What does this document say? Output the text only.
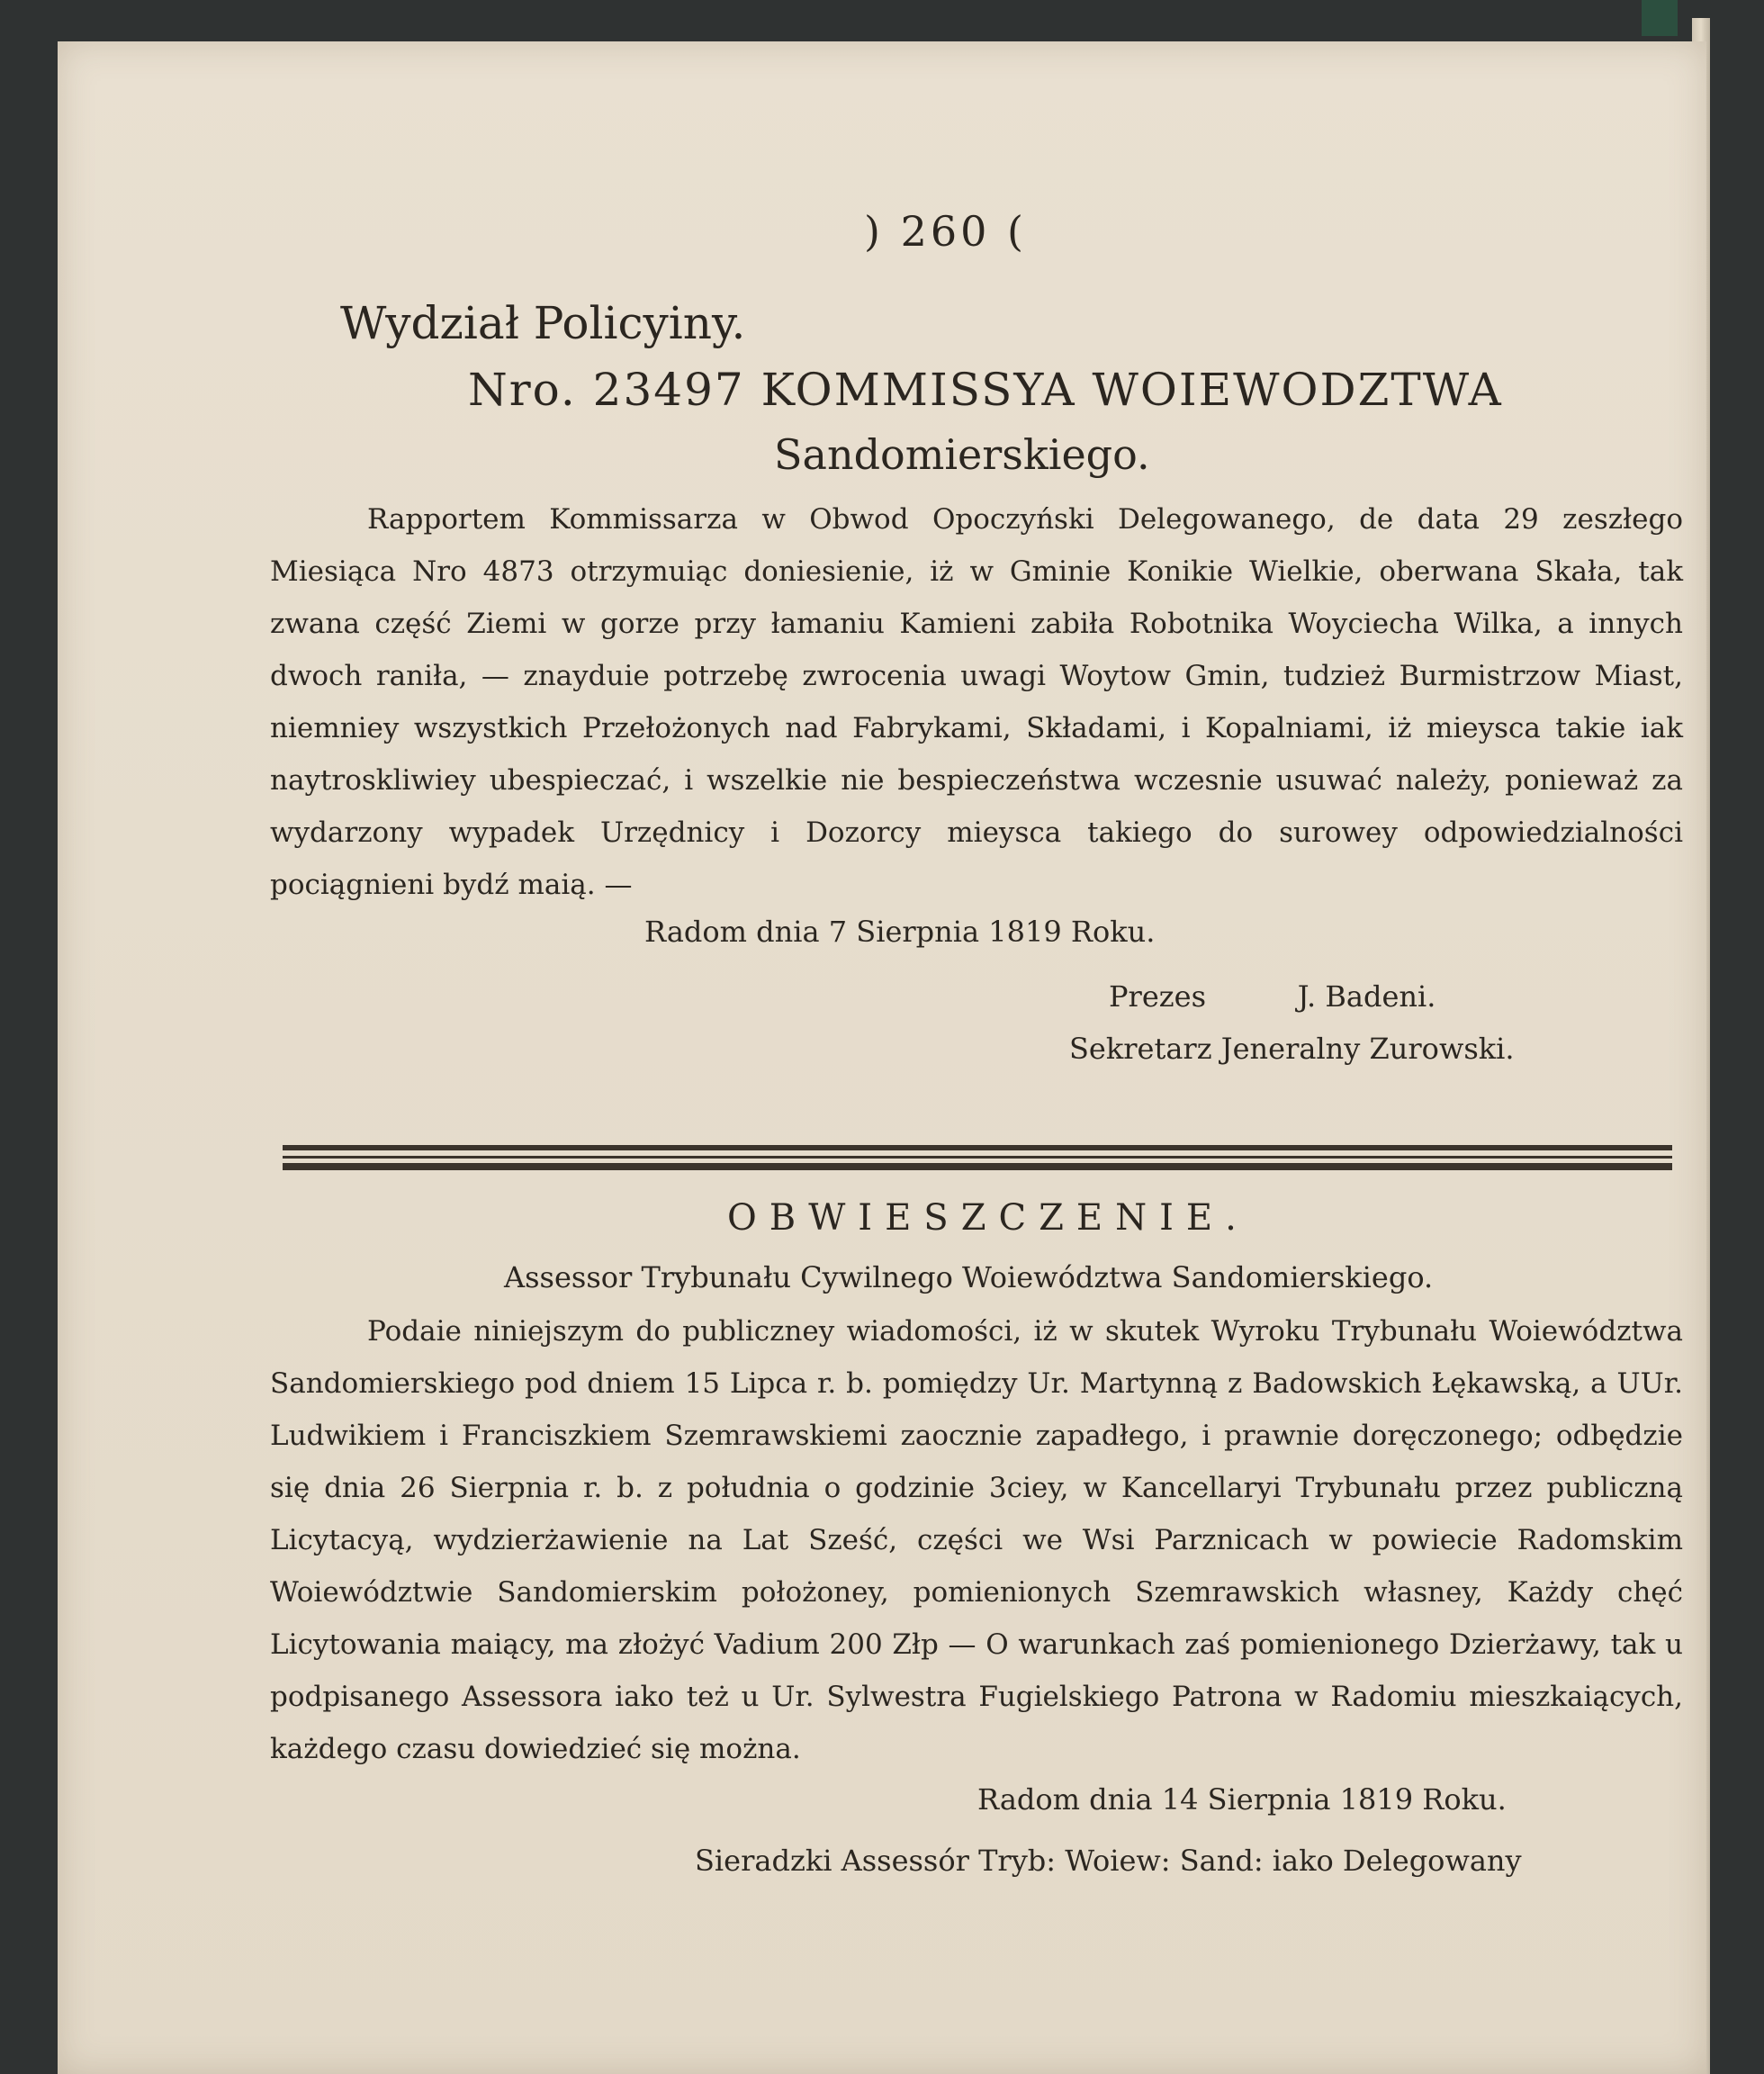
) 260 (
Wydział Policyiny.
Nro. 23497 KOMMISSYA WOIEWODZTWA
Sandomierskiego.
Rapportem Kommissarza w Obwod Opoczyński Delegowanego, de data 29 zeszłego Miesiąca Nro 4873 otrzymuiąc doniesienie, iż w Gminie Konikie Wielkie, oberwana Skała, tak zwana część Ziemi w gorze przy łamaniu Kamieni zabiła Robotnika Woyciecha Wilka, a innych dwoch raniła, — znayduie potrzebę zwrocenia uwagi Woytow Gmin, tudzież Burmistrzow Miast, niemniey wszystkich Przełożonych nad Fabrykami, Składami, i Kopalniami, iż mieysca takie iak naytroskliwiey ubespieczać, i wszelkie nie bespieczeństwa wczesnie usuwać należy, ponieważ za wydarzony wypadek Urzędnicy i Dozorcy mieysca takiego do surowey odpowiedzialności pociągnieni bydź maią. —
Radom dnia 7 Sierpnia 1819 Roku.
Prezes          J. Badeni.
Sekretarz Jeneralny Zurowski.
OBWIESZCZENIE.
Assessor Trybunału Cywilnego Woiewództwa Sandomierskiego.
Podaie niniejszym do publiczney wiadomości, iż w skutek Wyroku Trybunału Woiewództwa Sandomierskiego pod dniem 15 Lipca r. b. pomiędzy Ur. Martynną z Badowskich Łękawską, a UUr. Ludwikiem i Franciszkiem Szemrawskiemi zaocznie zapadłego, i prawnie doręczonego; odbędzie się dnia 26 Sierpnia r. b. z południa o godzinie 3ciey, w Kancellaryi Trybunału przez publiczną Licytacyą, wydzierżawienie na Lat Sześć, części we Wsi Parznicach w powiecie Radomskim Woiewództwie Sandomierskim położoney, pomienionych Szemrawskich własney, Każdy chęć Licytowania maiący, ma złożyć Vadium 200 Złp — O warunkach zaś pomienionego Dzierżawy, tak u podpisanego Assessora iako też u Ur. Sylwestra Fugielskiego Patrona w Radomiu mieszkaiących, każdego czasu dowiedzieć się można.
Radom dnia 14 Sierpnia 1819 Roku.
Sieradzki Assessór Tryb: Woiew: Sand: iako Delegowany
